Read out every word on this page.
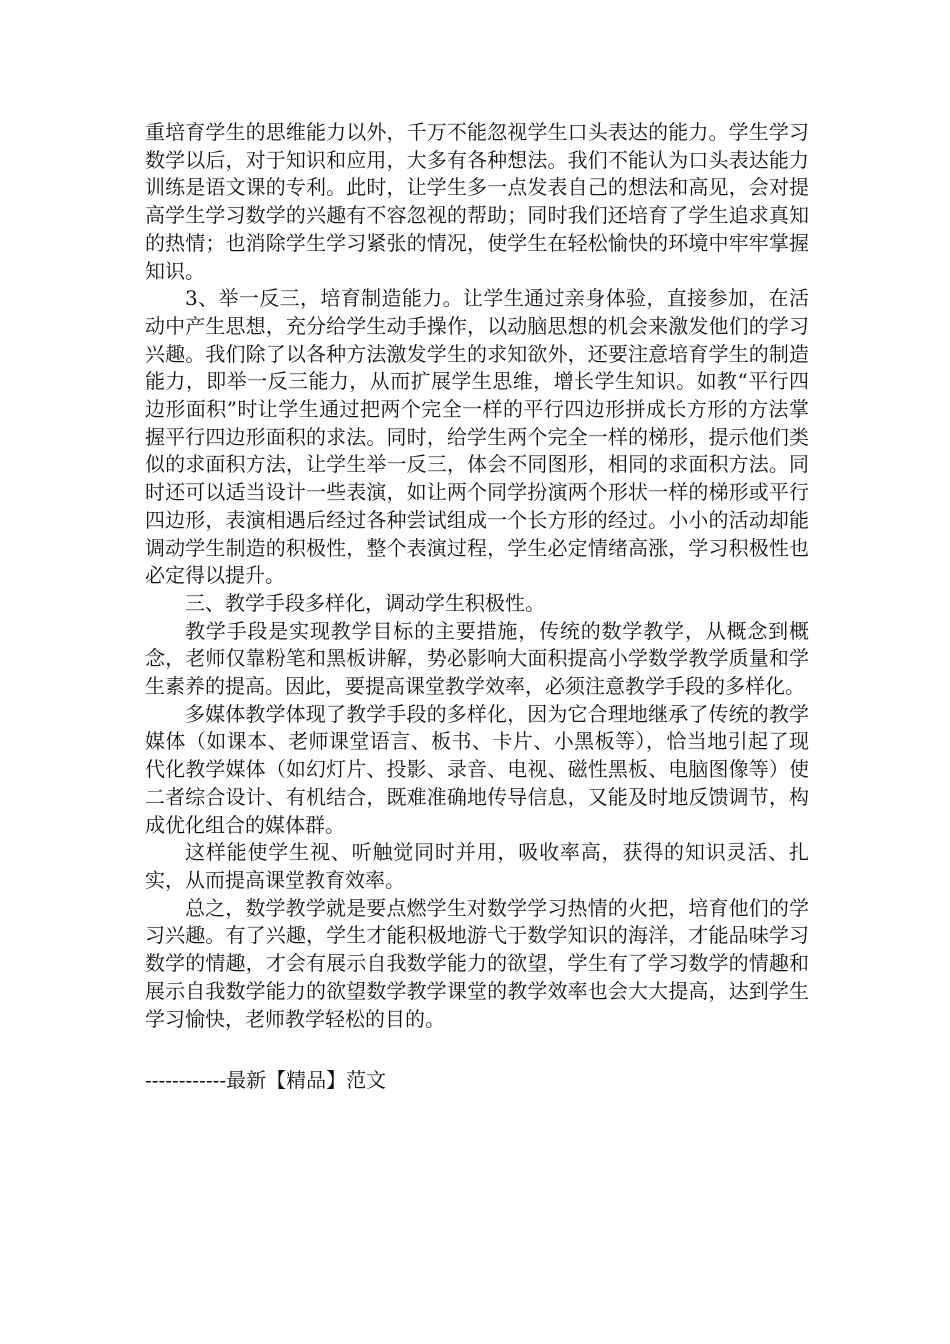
重培育学生的思维能力以外，千万不能忽视学生口头表达的能力。学生学习数学以后，对于知识和应用，大多有各种想法。我们不能认为口头表达能力训练是语文课的专利。此时，让学生多一点发表自己的想法和高见，会对提高学生学习数学的兴趣有不容忽视的帮助；同时我们还培育了学生追求真知的热情；也消除学生学习紧张的情况，使学生在轻松愉快的环境中牢牢掌握知识。

3、举一反三，培育制造能力。让学生通过亲身体验，直接参加，在活动中产生思想，充分给学生动手操作，以动脑思想的机会来激发他们的学习兴趣。我们除了以各种方法激发学生的求知欲外，还要注意培育学生的制造能力，即举一反三能力，从而扩展学生思维，增长学生知识。如教“平行四边形面积”时让学生通过把两个完全一样的平行四边形拼成长方形的方法掌握平行四边形面积的求法。同时，给学生两个完全一样的梯形，提示他们类似的求面积方法，让学生举一反三，体会不同图形，相同的求面积方法。同时还可以适当设计一些表演，如让两个同学扮演两个形状一样的梯形或平行四边形，表演相遇后经过各种尝试组成一个长方形的经过。小小的活动却能调动学生制造的积极性，整个表演过程，学生必定情绪高涨，学习积极性也必定得以提升。

三、教学手段多样化，调动学生积极性。

教学手段是实现教学目标的主要措施，传统的数学教学，从概念到概念，老师仅靠粉笔和黑板讲解，势必影响大面积提高小学数学教学质量和学生素养的提高。因此，要提高课堂教学效率，必须注意教学手段的多样化。

多媒体教学体现了教学手段的多样化，因为它合理地继承了传统的教学媒体（如课本、老师课堂语言、板书、卡片、小黑板等），恰当地引起了现代化教学媒体（如幻灯片、投影、录音、电视、磁性黑板、电脑图像等）使二者综合设计、有机结合，既难准确地传导信息，又能及时地反馈调节，构成优化组合的媒体群。

这样能使学生视、听触觉同时并用，吸收率高，获得的知识灵活、扎实，从而提高课堂教育效率。

总之，数学教学就是要点燃学生对数学学习热情的火把，培育他们的学习兴趣。有了兴趣，学生才能积极地游弋于数学知识的海洋，才能品味学习数学的情趣，才会有展示自我数学能力的欲望，学生有了学习数学的情趣和展示自我数学能力的欲望数学教学课堂的教学效率也会大大提高，达到学生学习愉快，老师教学轻松的目的。

------------最新【精品】范文
